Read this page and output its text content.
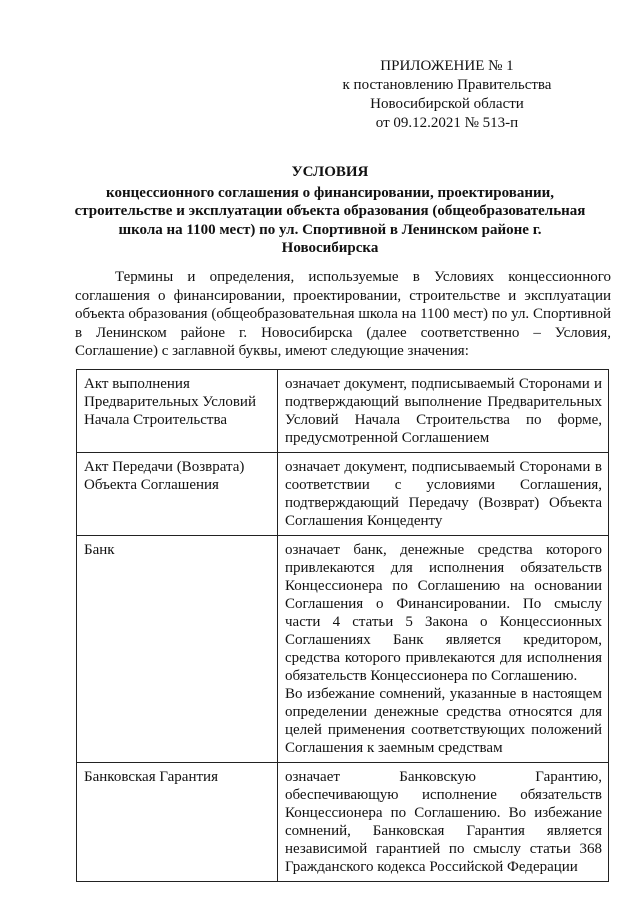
ПРИЛОЖЕНИЕ № 1
к постановлению Правительства
Новосибирской области
от 09.12.2021 № 513-п
УСЛОВИЯ
концессионного соглашения о финансировании, проектировании,
строительстве и эксплуатации объекта образования (общеобразовательная
школа на 1100 мест) по ул. Спортивной в Ленинском районе г. Новосибирска
Термины и определения, используемые в Условиях концессионного соглашения о финансировании, проектировании, строительстве и эксплуатации объекта образования (общеобразовательная школа на 1100 мест) по ул. Спортивной в Ленинском районе г. Новосибирска (далее соответственно – Условия, Соглашение) с заглавной буквы, имеют следующие значения:
Акт выполнения Предварительных Условий Начала Строительства	означает документ, подписываемый Сторонами и подтверждающий выполнение Предварительных Условий Начала Строительства по форме, предусмотренной Соглашением

Акт Передачи (Возврата) Объекта Соглашения	означает документ, подписываемый Сторонами в соответствии с условиями Соглашения, подтверждающий Передачу (Возврат) Объекта Соглашения Концеденту

Банк	означает банк, денежные средства которого привлекаются для исполнения обязательств Концессионера по Соглашению на основании Соглашения о Финансировании. По смыслу части 4 статьи 5 Закона о Концессионных Соглашениях Банк является кредитором, средства которого привлекаются для исполнения обязательств Концессионера по Соглашению.
Во избежание сомнений, указанные в настоящем определении денежные средства относятся для целей применения соответствующих положений Соглашения к заемным средствам

Банковская Гарантия	означает Банковскую Гарантию, обеспечивающую исполнение обязательств Концессионера по Соглашению. Во избежание сомнений, Банковская Гарантия является независимой гарантией по смыслу статьи 368 Гражданского кодекса Российской Федерации
